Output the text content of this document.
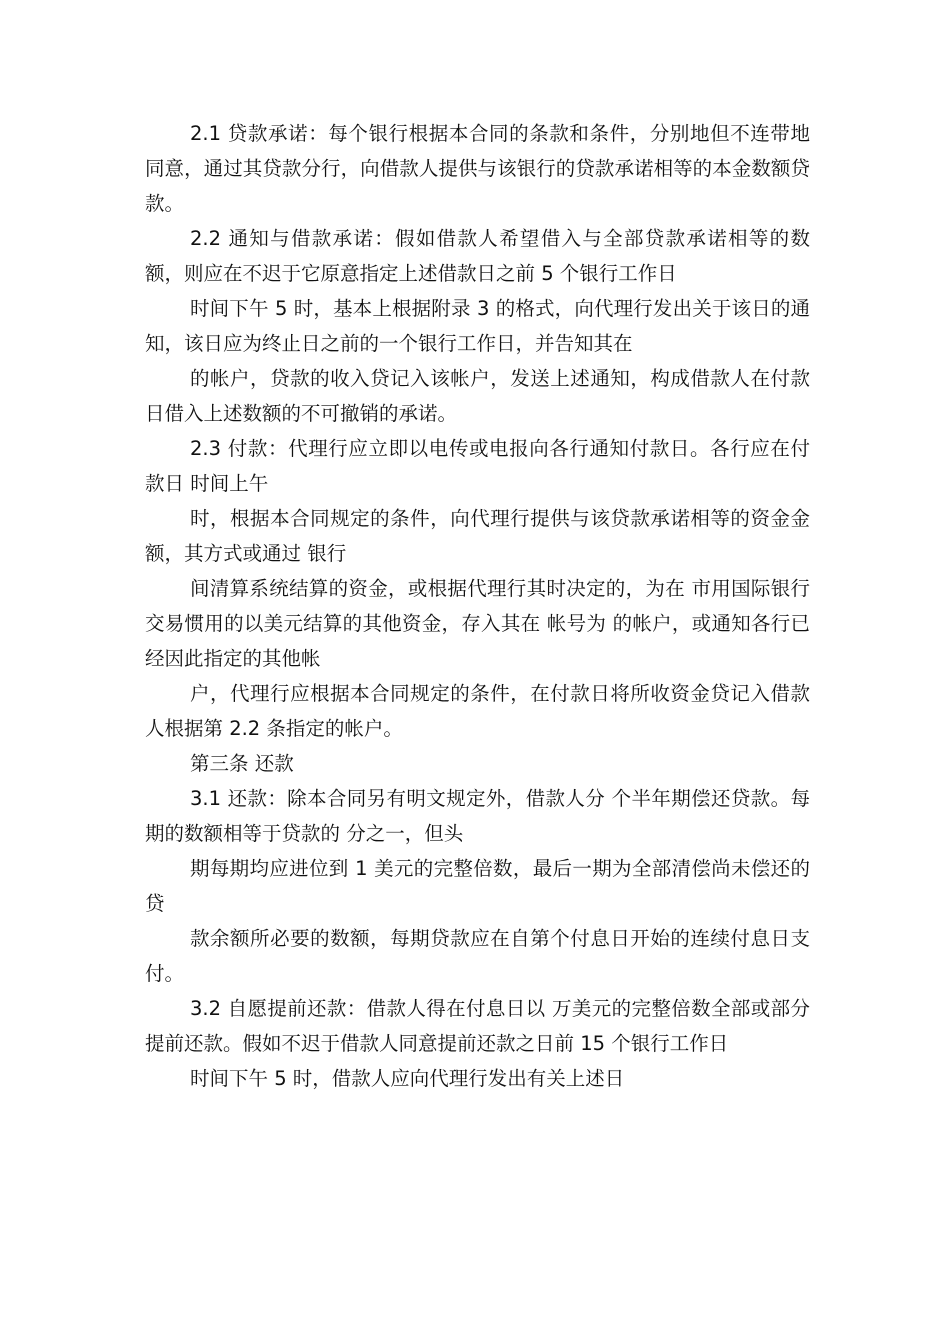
2.1 贷款承诺：每个银行根据本合同的条款和条件，分别地但不连带地同意，通过其贷款分行，向借款人提供与该银行的贷款承诺相等的本金数额贷款。

2.2 通知与借款承诺：假如借款人希望借入与全部贷款承诺相等的数额，则应在不迟于它原意指定上述借款日之前 5 个银行工作日

时间下午 5 时，基本上根据附录 3 的格式，向代理行发出关于该日的通知，该日应为终止日之前的一个银行工作日，并告知其在

的帐户，贷款的收入贷记入该帐户，发送上述通知，构成借款人在付款日借入上述数额的不可撤销的承诺。

2.3 付款：代理行应立即以电传或电报向各行通知付款日。各行应在付款日 时间上午

时，根据本合同规定的条件，向代理行提供与该贷款承诺相等的资金金额，其方式或通过 银行

间清算系统结算的资金，或根据代理行其时决定的，为在 市用国际银行交易惯用的以美元结算的其他资金，存入其在 帐号为 的帐户，或通知各行已经因此指定的其他帐

户，代理行应根据本合同规定的条件，在付款日将所收资金贷记入借款人根据第 2.2 条指定的帐户。

第三条 还款

3.1 还款：除本合同另有明文规定外，借款人分 个半年期偿还贷款。每期的数额相等于贷款的 分之一，但头

期每期均应进位到 1 美元的完整倍数，最后一期为全部清偿尚未偿还的贷

款余额所必要的数额，每期贷款应在自第个付息日开始的连续付息日支付。

3.2 自愿提前还款：借款人得在付息日以 万美元的完整倍数全部或部分提前还款。假如不迟于借款人同意提前还款之日前 15 个银行工作日

时间下午 5 时，借款人应向代理行发出有关上述日
